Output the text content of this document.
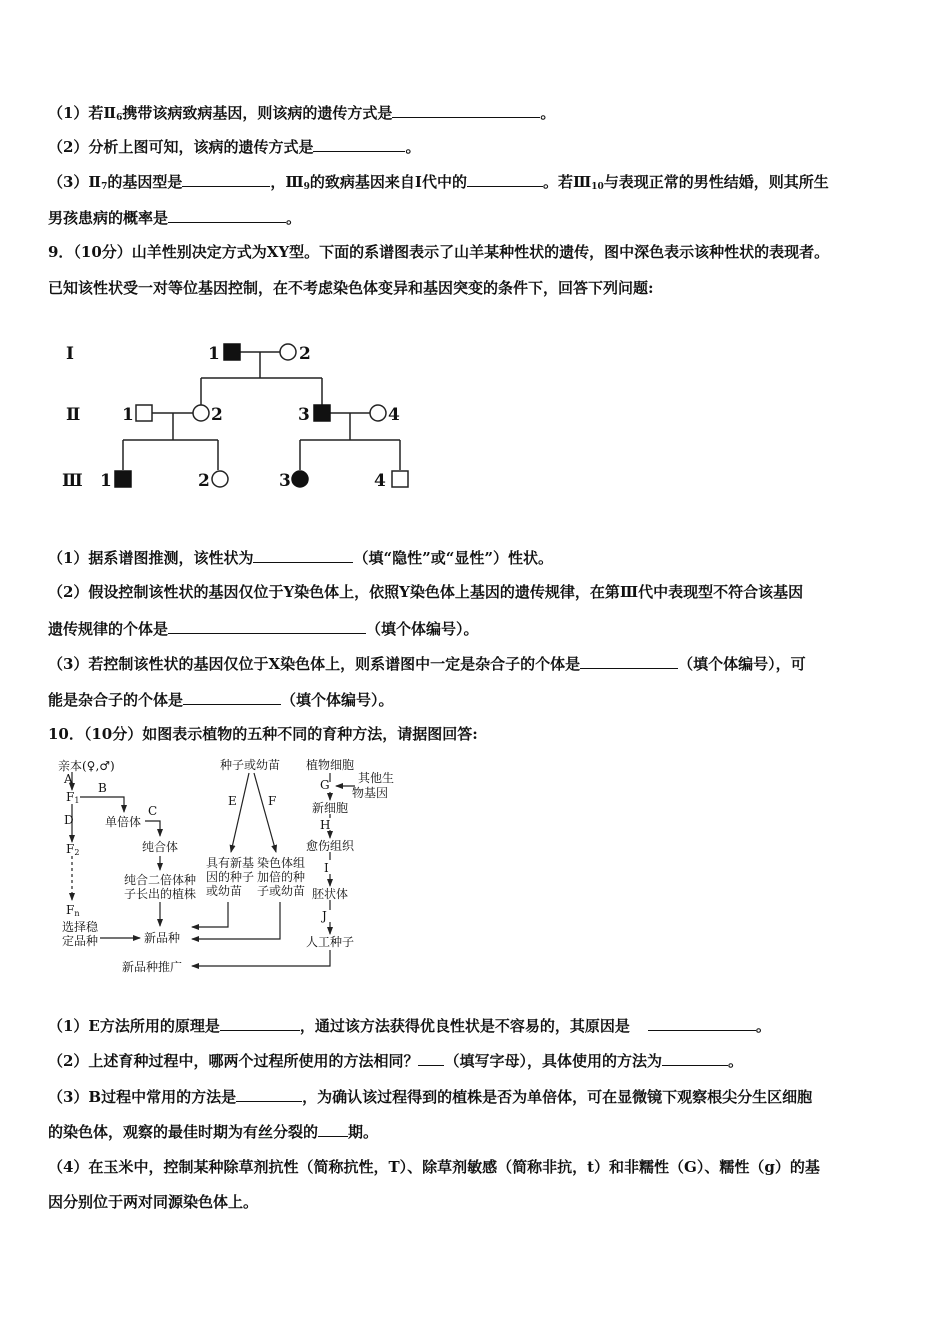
（1）若$Ⅱ_6$携带该病致病基因，则该病的遗传方式是	。
（2）分析上图可知，该病的遗传方式是	。
$(3)Ⅱ_7$的基因型是	，$Ⅲ_9$的致病基因来自Ⅰ代中的	。若$Ⅲ_{10}$与表现正常的男性结婚，则其所生
男孩患病的概率是	。
9．（10分）山羊性别决定方式为XY型。下面的系谱图表示了山羊某种性状的遗传，图中深色表示该种性状的表现者。
已知该性状受一对等位基因控制，在不考虑染色体变异和基因突变的条件下，回答下列问题:
Ⅰ
Ⅱ
Ⅲ
1	2
1	2	3	4
1	2	3	4
（1）据系谱图推测，该性状为	（填“隐性”或“显性”）性状。
（2）假设控制该性状的基因仅位于Y染色体上，依照Y染色体上基因的遗传规律，在第Ⅲ代中表现型不符合该基因
遗传规律的个体是	（填个体编号）。
（3）若控制该性状的基因仅位于X染色体上，则系谱图中一定是杂合子的个体是	（填个体编号），可
能是杂合子的个体是	（填个体编号）。
10．（10分）如图表示植物的五种不同的育种方法，请据图回答:
亲本(♀,♂)
A
F1
B
单倍体
C
D
纯合体
F2
纯合二倍体种
子长出的植株
Fn
选择稳
定品种	新品种
新品种推广
种子或幼苗
E	F
具有新基
因的种子
或幼苗
染色体组
加倍的种
子或幼苗
植物细胞
G 其他生
物基因
新细胞
H
愈伤组织
I
胚状体
J
人工种子
（1）E方法所用的原理是	，通过该方法获得优良性状是不容易的，其原因是	。
（2）上述育种过程中，哪两个过程所使用的方法相同？ （填写字母），具体使用的方法为	。
（3）B过程中常用的方法是	，为确认该过程得到的植株是否为单倍体，可在显微镜下观察根尖分生区细胞
的染色体，观察的最佳时期为有丝分裂的 期。
（4）在玉米中，控制某种除草剂抗性（简称抗性，T）、除草剂敏感（简称非抗，t）和非糯性（G）、糯性（g）的基
因分别位于两对同源染色体上。
